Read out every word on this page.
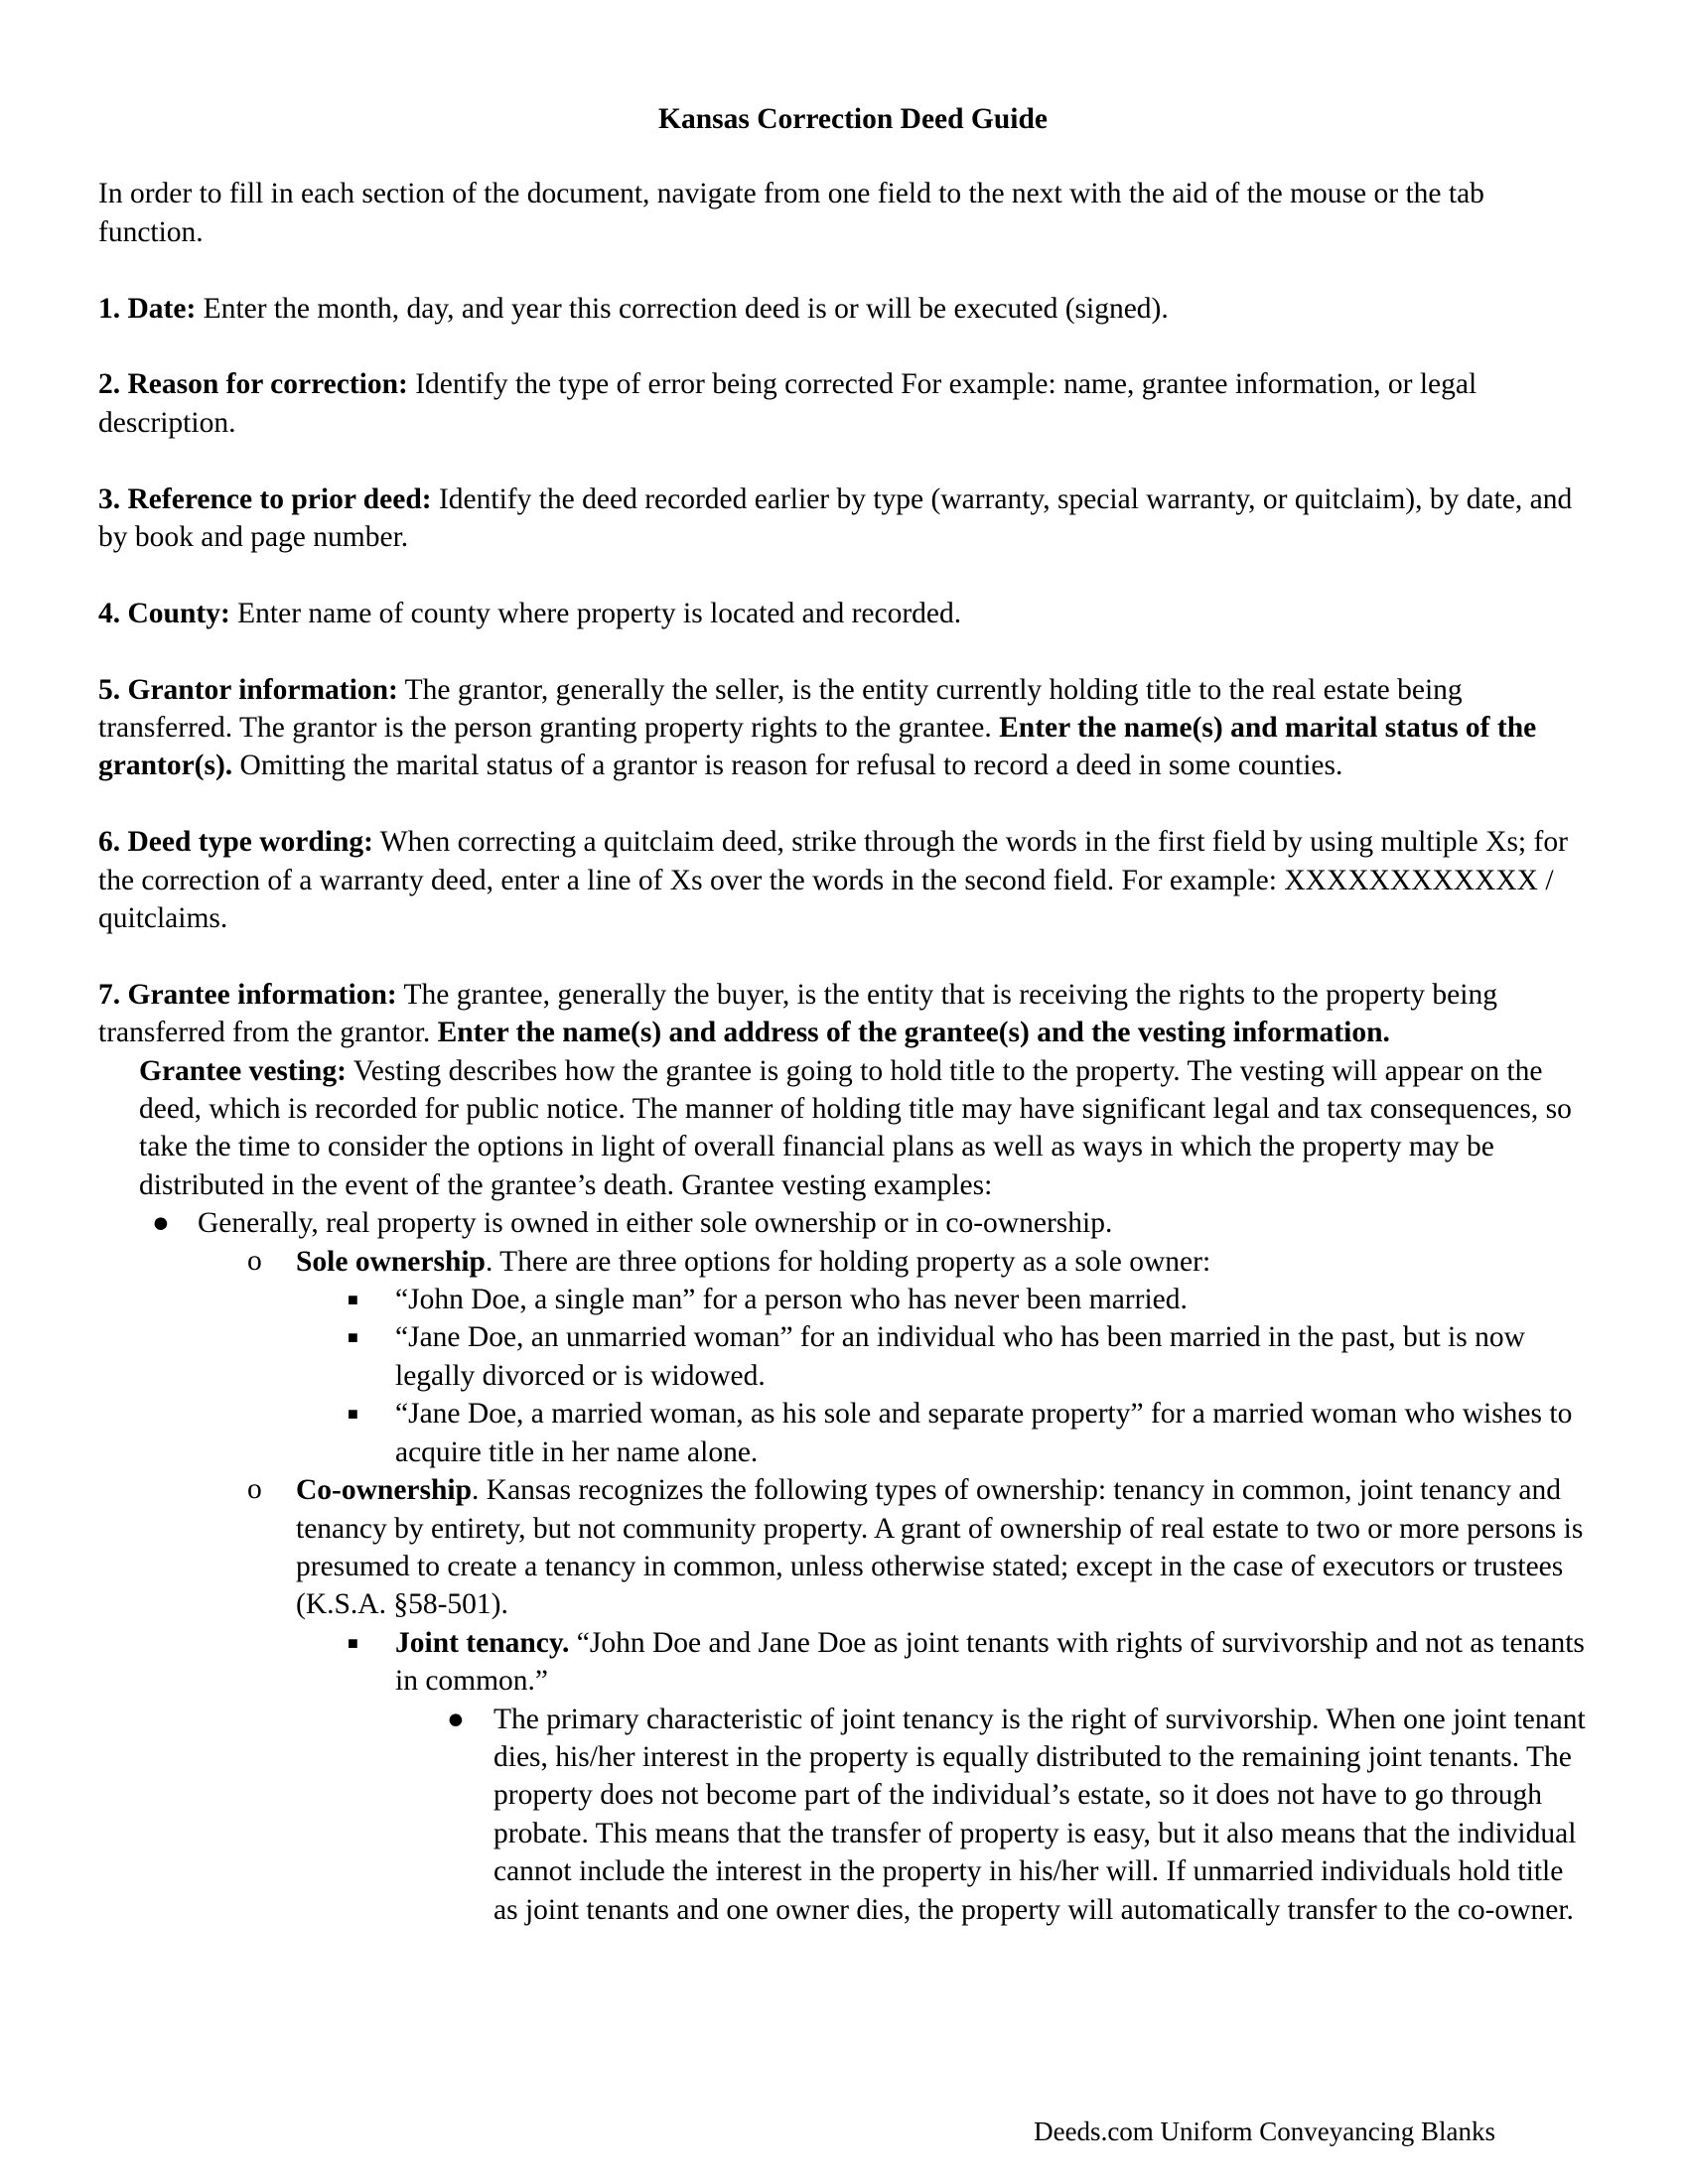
Kansas Correction Deed Guide

In order to fill in each section of the document, navigate from one field to the next with the aid of the mouse or the tab function.

1. Date: Enter the month, day, and year this correction deed is or will be executed (signed).

2. Reason for correction: Identify the type of error being corrected For example: name, grantee information, or legal description.

3. Reference to prior deed: Identify the deed recorded earlier by type (warranty, special warranty, or quitclaim), by date, and by book and page number.

4. County: Enter name of county where property is located and recorded.

5. Grantor information: The grantor, generally the seller, is the entity currently holding title to the real estate being transferred. The grantor is the person granting property rights to the grantee. Enter the name(s) and marital status of the grantor(s). Omitting the marital status of a grantor is reason for refusal to record a deed in some counties.

6. Deed type wording: When correcting a quitclaim deed, strike through the words in the first field by using multiple Xs; for the correction of a warranty deed, enter a line of Xs over the words in the second field. For example: XXXXXXXXXXXX / quitclaims.

7. Grantee information: The grantee, generally the buyer, is the entity that is receiving the rights to the property being transferred from the grantor. Enter the name(s) and address of the grantee(s) and the vesting information.

Grantee vesting: Vesting describes how the grantee is going to hold title to the property. The vesting will appear on the deed, which is recorded for public notice. The manner of holding title may have significant legal and tax consequences, so take the time to consider the options in light of overall financial plans as well as ways in which the property may be distributed in the event of the grantee’s death. Grantee vesting examples:

● Generally, real property is owned in either sole ownership or in co-ownership.
o Sole ownership. There are three options for holding property as a sole owner:
■ “John Doe, a single man” for a person who has never been married.
■ “Jane Doe, an unmarried woman” for an individual who has been married in the past, but is now legally divorced or is widowed.
■ “Jane Doe, a married woman, as his sole and separate property” for a married woman who wishes to acquire title in her name alone.
o Co-ownership. Kansas recognizes the following types of ownership: tenancy in common, joint tenancy and tenancy by entirety, but not community property. A grant of ownership of real estate to two or more persons is presumed to create a tenancy in common, unless otherwise stated; except in the case of executors or trustees (K.S.A. §58-501).
■ Joint tenancy. “John Doe and Jane Doe as joint tenants with rights of survivorship and not as tenants in common.”
● The primary characteristic of joint tenancy is the right of survivorship. When one joint tenant dies, his/her interest in the property is equally distributed to the remaining joint tenants. The property does not become part of the individual’s estate, so it does not have to go through probate. This means that the transfer of property is easy, but it also means that the individual cannot include the interest in the property in his/her will. If unmarried individuals hold title as joint tenants and one owner dies, the property will automatically transfer to the co-owner.
Deeds.com Uniform Conveyancing Blanks
